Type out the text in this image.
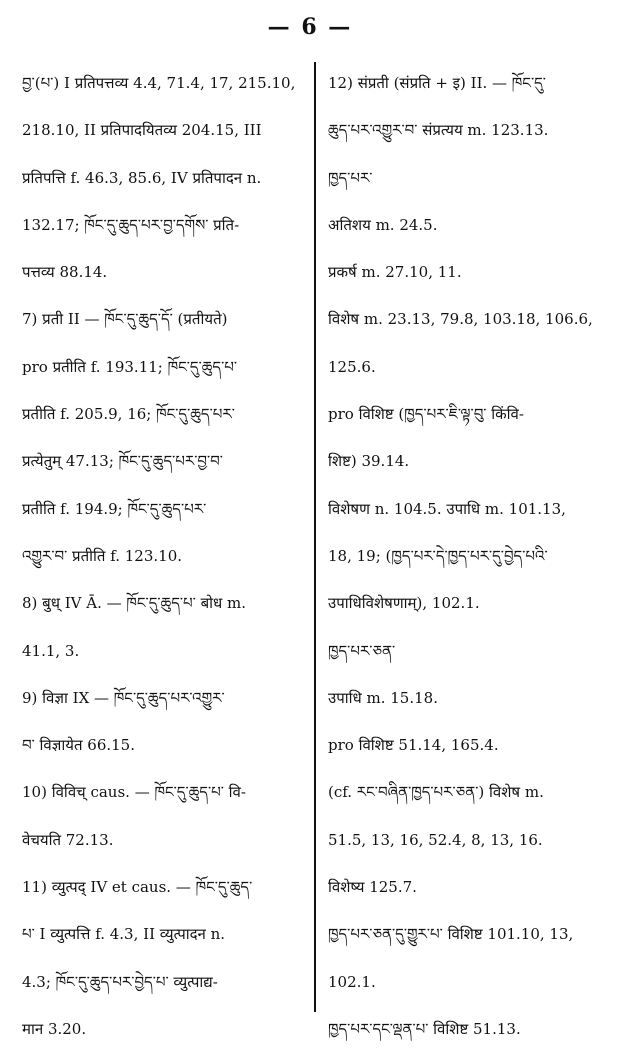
— 6 —
བྱ་(པ་) I प्रतिपत्तव्य 4.4, 71.4, 17, 215.10,
218.10, II प्रतिपादयितव्य 204.15, III
प्रतिपत्ति f. 46.3, 85.6, IV प्रतिपादन n.
132.17; ཁོང་དུ་ཆུད་པར་བྱ་དགོས་ प्रति-
पत्तव्य 88.14.
7) प्रती II — ཁོང་དུ་ཆུད་དོ་ (प्रतीयते)
pro प्रतीति f. 193.11; ཁོང་དུ་ཆུད་པ་
प्रतीति f. 205.9, 16; ཁོང་དུ་ཆུད་པར་
प्रत्येतुम् 47.13; ཁོང་དུ་ཆུད་པར་བྱ་བ་
प्रतीति f. 194.9; ཁོང་དུ་ཆུད་པར་
འགྱུར་བ་ प्रतीति f. 123.10.
8) बुध् IV Ā. — ཁོང་དུ་ཆུད་པ་ बोध m.
41.1, 3.
9) विज्ञा IX — ཁོང་དུ་ཆུད་པར་འགྱུར་
བ་ विज्ञायेत 66.15.
10) विविच् caus. — ཁོང་དུ་ཆུད་པ་ वि-
वेचयति 72.13.
11) व्युत्पद् IV et caus. — ཁོང་དུ་ཆུད་
པ་ I व्युत्पत्ति f. 4.3, II व्युत्पादन n.
4.3; ཁོང་དུ་ཆུད་པར་བྱེད་པ་ व्युत्पाद्य-
मान 3.20.
12) संप्रती (संप्रति + इ) II. — ཁོང་དུ་
ཆུད་པར་འགྱུར་བ་ संप्रत्यय m. 123.13.
ཁྱད་པར་
अतिशय m. 24.5.
प्रकर्ष m. 27.10, 11.
विशेष m. 23.13, 79.8, 103.18, 106.6,
125.6.
pro विशिष्ट (ཁྱད་པར་ཇི་ལྟ་བུ་ किंवि-
शिष्ट) 39.14.
विशेषण n. 104.5. उपाधि m. 101.13,
18, 19; (ཁྱད་པར་དེ་ཁྱད་པར་དུ་བྱེད་པའི་
उपाधिविशेषणाम्), 102.1.
ཁྱད་པར་ཅན་
उपाधि m. 15.18.
pro विशिष्ट 51.14, 165.4.
(cf. རང་བཞིན་ཁྱད་པར་ཅན་) विशेष m.
51.5, 13, 16, 52.4, 8, 13, 16.
विशेष्य 125.7.
ཁྱད་པར་ཅན་དུ་གྱུར་པ་ विशिष्ट 101.10, 13,
102.1.
ཁྱད་པར་དང་ལྡན་པ་ विशिष्ट 51.13.
